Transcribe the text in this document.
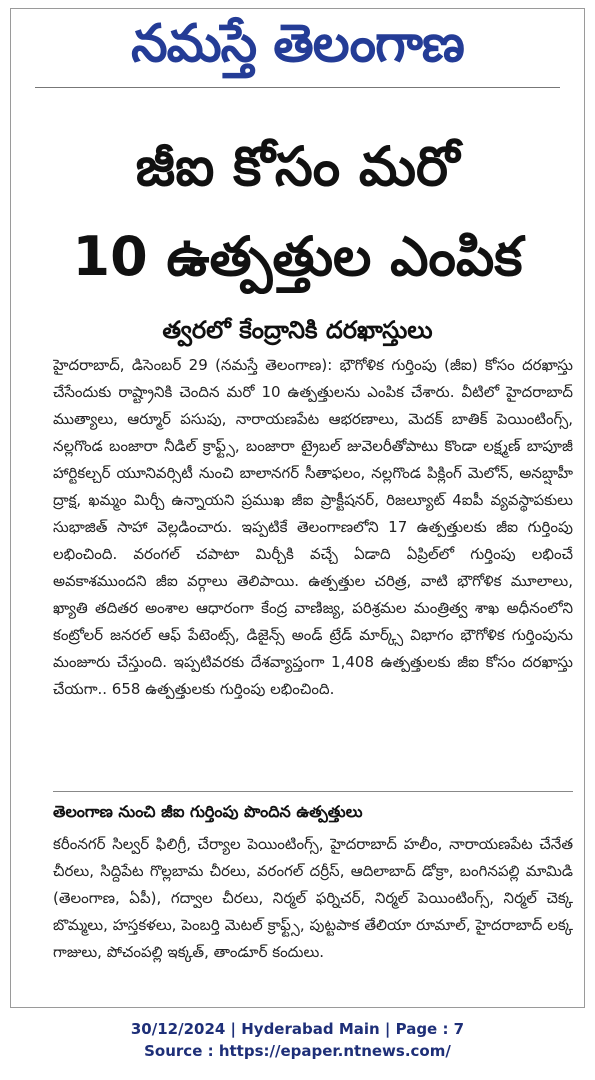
నమస్తే తెలంగాణ
జీఐ కోసం మరో
10 ఉత్పత్తుల ఎంపిక
త్వరలో కేంద్రానికి దరఖాస్తులు
హైదరాబాద్, డిసెంబర్ 29 (నమస్తే తెలంగాణ): భౌగోళిక గుర్తింపు (జీఐ) కోసం దరఖాస్తు చేసేందుకు రాష్ట్రానికి చెందిన మరో 10 ఉత్పత్తులను ఎంపిక చేశారు. వీటిలో హైదరాబాద్ ముత్యాలు, ఆర్మూర్ పసుపు, నారాయణపేట ఆభరణాలు, మెదక్ బాతిక్ పెయింటింగ్స్, నల్లగొండ బంజారా నీడిల్ క్రాఫ్ట్స్, బంజారా ట్రైబల్ జువెలరీతోపాటు కొండా లక్ష్మణ్ బాపూజీ హార్టికల్చర్ యూనివర్సిటీ నుంచి బాలానగర్ సీతాఫలం, నల్లగొండ పిక్లింగ్ మెలోన్, అనబ్షాహీ ద్రాక్ష, ఖమ్మం మిర్చీ ఉన్నాయని ప్రముఖ జీఐ ప్రాక్టీషనర్, రిజల్యూట్ 4ఐపీ వ్యవస్థాపకులు సుభాజిత్ సాహా వెల్లడించారు. ఇప్పటికే తెలంగాణలోని 17 ఉత్పత్తులకు జీఐ గుర్తింపు లభించింది. వరంగల్ చపాటా మిర్చీకి వచ్చే ఏడాది ఏప్రిల్‌లో గుర్తింపు లభించే అవకాశముందని జీఐ వర్గాలు తెలిపాయి. ఉత్పత్తుల చరిత్ర, వాటి భౌగోళిక మూలాలు, ఖ్యాతి తదితర అంశాల ఆధారంగా కేంద్ర వాణిజ్య, పరిశ్రమల మంత్రిత్వ శాఖ అధీనంలోని కంట్రోలర్ జనరల్ ఆఫ్ పేటెంట్స్, డిజైన్స్ అండ్ ట్రేడ్ మార్క్స్ విభాగం భౌగోళిక గుర్తింపును మంజూరు చేస్తుంది. ఇప్పటివరకు దేశవ్యాప్తంగా 1,408 ఉత్పత్తులకు జీఐ కోసం దరఖాస్తు చేయగా.. 658 ఉత్పత్తులకు గుర్తింపు లభించింది.
తెలంగాణ నుంచి జీఐ గుర్తింపు పొందిన ఉత్పత్తులు
కరీంనగర్ సిల్వర్ ఫిలిగ్రీ, చేర్యాల పెయింటింగ్స్, హైదరాబాద్ హలీం, నారాయణపేట చేనేత చీరలు, సిద్దిపేట గొల్లబామ చీరలు, వరంగల్ దర్రీస్, ఆదిలాబాద్ డోక్రా, బంగినపల్లి మామిడి (తెలంగాణ, ఏపీ), గద్వాల చీరలు, నిర్మల్ ఫర్నిచర్, నిర్మల్ పెయింటింగ్స్, నిర్మల్ చెక్క బొమ్మలు, హస్తకళలు, పెంబర్తి మెటల్ క్రాఫ్ట్స్, పుట్టపాక తేలియా రూమాల్, హైదరాబాద్ లక్క గాజులు, పోచంపల్లి ఇక్కత్, తాండూర్ కందులు.
30/12/2024 | Hyderabad Main | Page : 7
Source : https://epaper.ntnews.com/
